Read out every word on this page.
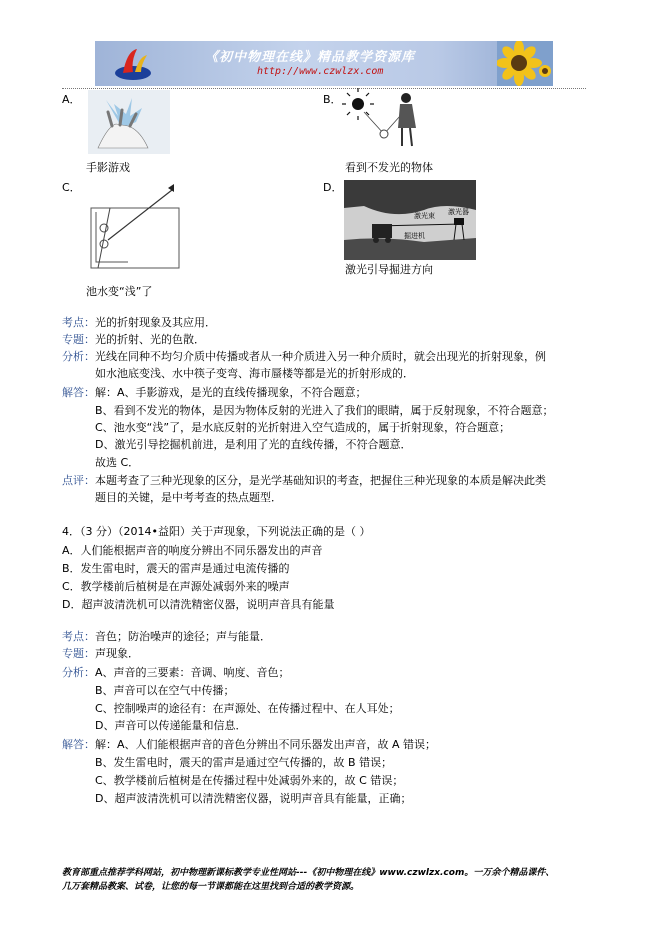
《初中物理在线》精品教学资源库
http://www.czwlzx.com
A．
手影游戏
B．
看到不发光的物体
C．
池水变“浅”了
D．
激光束 激光器
掘进机
激光引导掘进方向
考点：光的折射现象及其应用．
专题：光的折射、光的色散．
分析：光线在同种不均匀介质中传播或者从一种介质进入另一种介质时，就会出现光的折射现象，例
如水池底变浅、水中筷子变弯、海市蜃楼等都是光的折射形成的．
解答：解：A、手影游戏，是光的直线传播现象，不符合题意；
B、看到不发光的物体，是因为物体反射的光进入了我们的眼睛，属于反射现象，不符合题意；
C、池水变“浅”了，是水底反射的光折射进入空气造成的，属于折射现象，符合题意；
D、激光引导挖掘机前进，是利用了光的直线传播，不符合题意．
故选 C．
点评：本题考查了三种光现象的区分，是光学基础知识的考查，把握住三种光现象的本质是解决此类
题目的关键，是中考考查的热点题型．
4．（3 分）（2014•益阳）关于声现象，下列说法正确的是（ ）
A．人们能根据声音的响度分辨出不同乐器发出的声音
B．发生雷电时，震天的雷声是通过电流传播的
C．教学楼前后植树是在声源处减弱外来的噪声
D．超声波清洗机可以清洗精密仪器，说明声音具有能量
考点：音色；防治噪声的途径；声与能量．
专题：声现象．
分析：A、声音的三要素：音调、响度、音色；
B、声音可以在空气中传播；
C、控制噪声的途径有：在声源处、在传播过程中、在人耳处；
D、声音可以传递能量和信息．
解答：解：A、人们能根据声音的音色分辨出不同乐器发出声音，故 A 错误；
B、发生雷电时，震天的雷声是通过空气传播的，故 B 错误；
C、教学楼前后植树是在传播过程中处减弱外来的，故 C 错误；
D、超声波清洗机可以清洗精密仪器，说明声音具有能量，正确；
教育部重点推荐学科网站，初中物理新课标教学专业性网站---《初中物理在线》www.czwlzx.com。一万余个精品课件、
几万套精品教案、试卷，让您的每一节课都能在这里找到合适的教学资源。
